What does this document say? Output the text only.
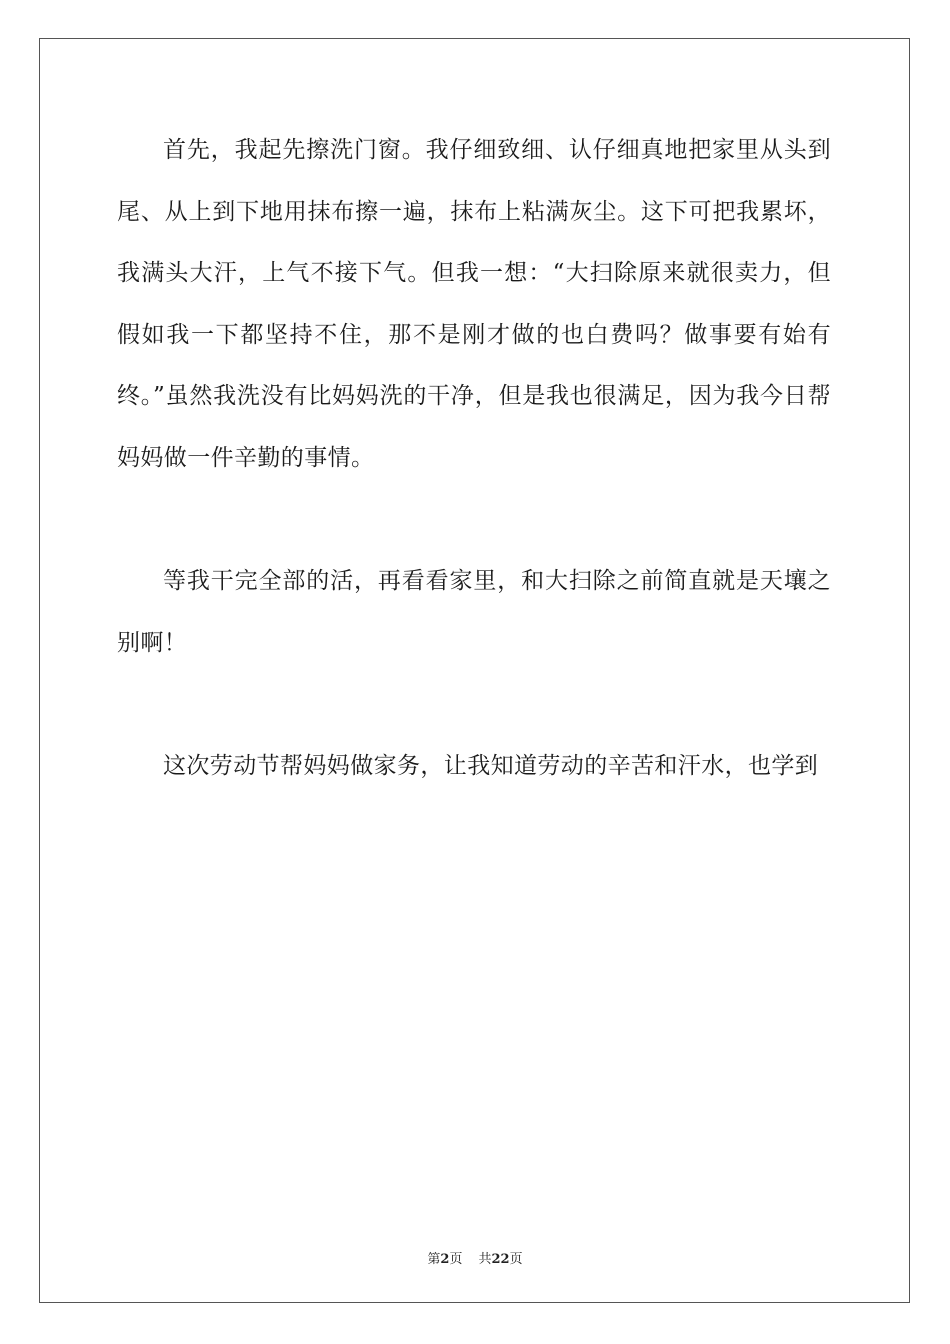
首先，我起先擦洗门窗。我仔细致细、认仔细真地把家里从头到尾、从上到下地用抹布擦一遍，抹布上粘满灰尘。这下可把我累坏，我满头大汗，上气不接下气。但我一想：“大扫除原来就很卖力，但假如我一下都坚持不住，那不是刚才做的也白费吗？做事要有始有终。”虽然我洗没有比妈妈洗的干净，但是我也很满足，因为我今日帮妈妈做一件辛勤的事情。

等我干完全部的活，再看看家里，和大扫除之前简直就是天壤之别啊！

这次劳动节帮妈妈做家务，让我知道劳动的辛苦和汗水，也学到

第2页 共22页
